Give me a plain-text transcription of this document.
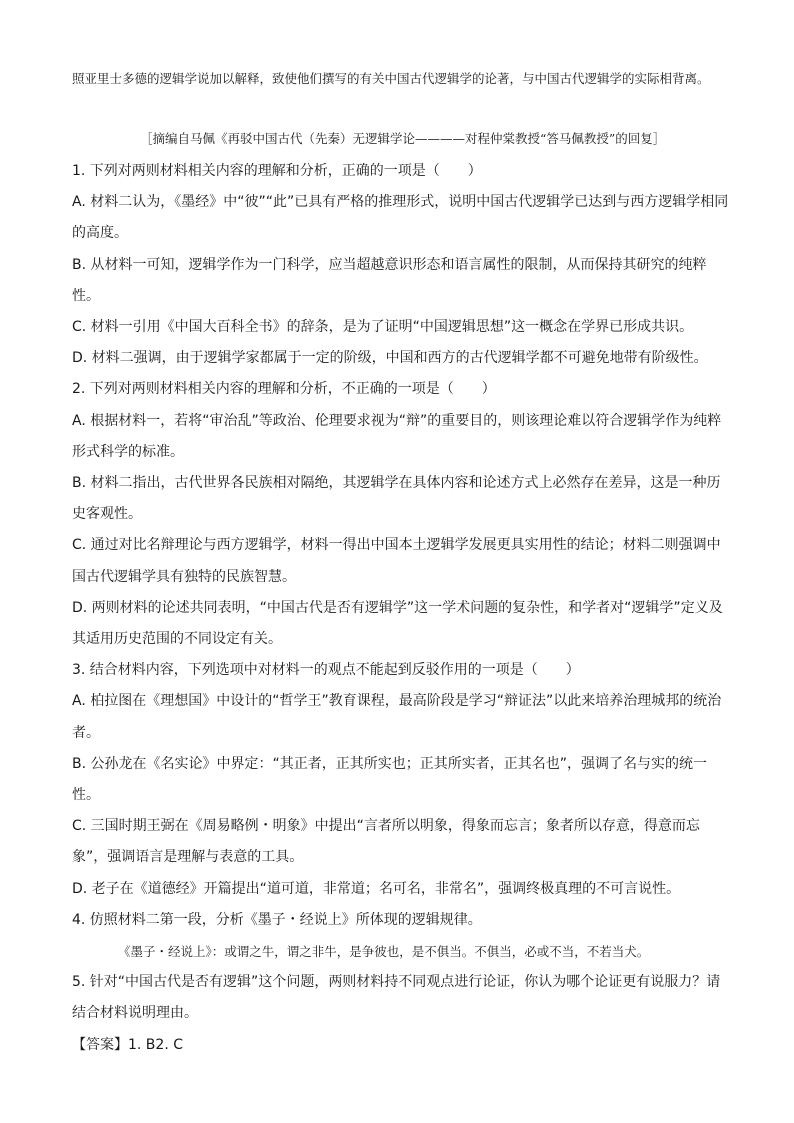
照亚里士多德的逻辑学说加以解释，致使他们撰写的有关中国古代逻辑学的论著，与中国古代逻辑学的实际相背离。
［摘编自马佩《再驳中国古代（先秦）无逻辑学论————对程仲棠教授“答马佩教授”的回复］

1. 下列对两则材料相关内容的理解和分析，正确的一项是（　　）

A. 材料二认为，《墨经》中“彼”“此”已具有严格的推理形式，说明中国古代逻辑学已达到与西方逻辑学相同的高度。

B. 从材料一可知，逻辑学作为一门科学，应当超越意识形态和语言属性的限制，从而保持其研究的纯粹性。

C. 材料一引用《中国大百科全书》的辞条，是为了证明“中国逻辑思想”这一概念在学界已形成共识。

D. 材料二强调，由于逻辑学家都属于一定的阶级，中国和西方的古代逻辑学都不可避免地带有阶级性。

2. 下列对两则材料相关内容的理解和分析，不正确的一项是（　　）

A. 根据材料一，若将“审治乱”等政治、伦理要求视为“辩”的重要目的，则该理论难以符合逻辑学作为纯粹形式科学的标准。

B. 材料二指出，古代世界各民族相对隔绝，其逻辑学在具体内容和论述方式上必然存在差异，这是一种历史客观性。

C. 通过对比名辩理论与西方逻辑学，材料一得出中国本土逻辑学发展更具实用性的结论；材料二则强调中国古代逻辑学具有独特的民族智慧。

D. 两则材料的论述共同表明，“中国古代是否有逻辑学”这一学术问题的复杂性，和学者对“逻辑学”定义及其适用历史范围的不同设定有关。

3. 结合材料内容，下列选项中对材料一的观点不能起到反驳作用的一项是（　　）

A. 柏拉图在《理想国》中设计的“哲学王”教育课程，最高阶段是学习“辩证法”以此来培养治理城邦的统治者。

B. 公孙龙在《名实论》中界定：“其正者，正其所实也；正其所实者，正其名也”，强调了名与实的统一性。

C. 三国时期王弼在《周易略例・明象》中提出“言者所以明象，得象而忘言；象者所以存意，得意而忘象”，强调语言是理解与表意的工具。

D. 老子在《道德经》开篇提出“道可道，非常道；名可名，非常名”，强调终极真理的不可言说性。

4. 仿照材料二第一段，分析《墨子・经说上》所体现的逻辑规律。

《墨子・经说上》：或谓之牛，谓之非牛，是争彼也，是不俱当。不俱当，必或不当，不若当犬。

5. 针对“中国古代是否有逻辑”这个问题，两则材料持不同观点进行论证，你认为哪个论证更有说服力？请结合材料说明理由。

【答案】1. B2. C
